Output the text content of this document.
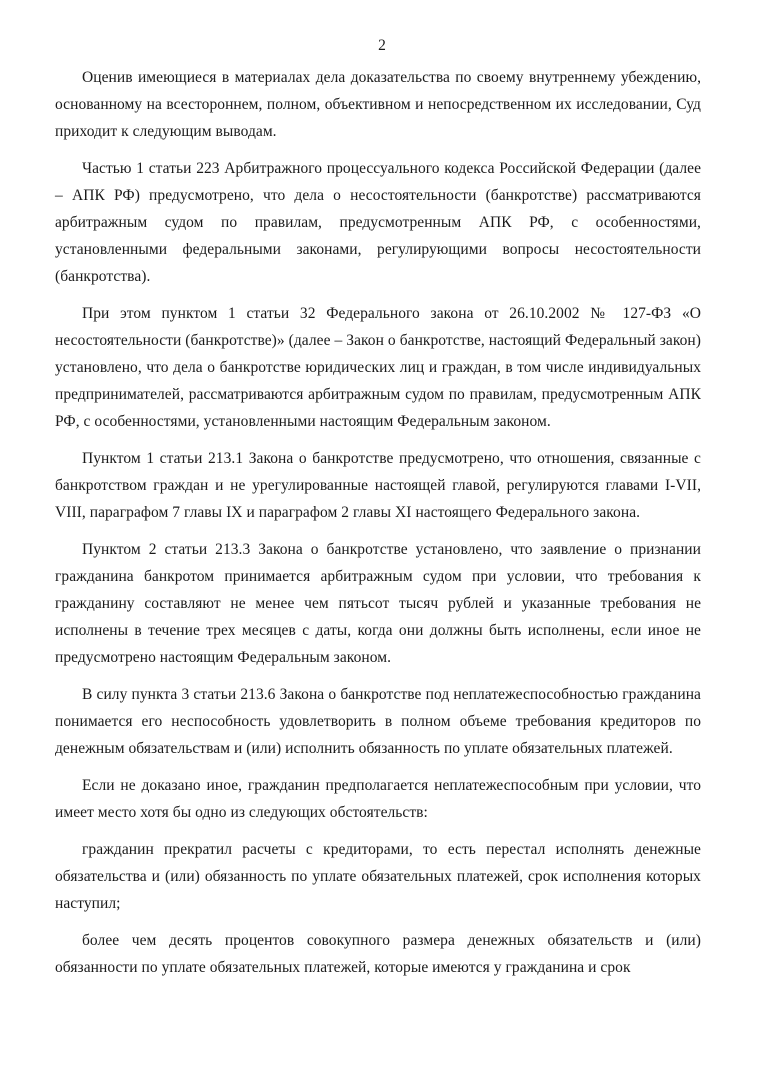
2

Оценив имеющиеся в материалах дела доказательства по своему внутреннему убеждению, основанному на всестороннем, полном, объективном и непосредственном их исследовании, Суд приходит к следующим выводам.

Частью 1 статьи 223 Арбитражного процессуального кодекса Российской Федерации (далее – АПК РФ) предусмотрено, что дела о несостоятельности (банкротстве) рассматриваются арбитражным судом по правилам, предусмотренным АПК РФ, с особенностями, установленными федеральными законами, регулирующими вопросы несостоятельности (банкротства).

При этом пунктом 1 статьи 32 Федерального закона от 26.10.2002 № 127-ФЗ «О несостоятельности (банкротстве)» (далее – Закон о банкротстве, настоящий Федеральный закон) установлено, что дела о банкротстве юридических лиц и граждан, в том числе индивидуальных предпринимателей, рассматриваются арбитражным судом по правилам, предусмотренным АПК РФ, с особенностями, установленными настоящим Федеральным законом.

Пунктом 1 статьи 213.1 Закона о банкротстве предусмотрено, что отношения, связанные с банкротством граждан и не урегулированные настоящей главой, регулируются главами I-VII, VIII, параграфом 7 главы IX и параграфом 2 главы XI настоящего Федерального закона.

Пунктом 2 статьи 213.3 Закона о банкротстве установлено, что заявление о признании гражданина банкротом принимается арбитражным судом при условии, что требования к гражданину составляют не менее чем пятьсот тысяч рублей и указанные требования не исполнены в течение трех месяцев с даты, когда они должны быть исполнены, если иное не предусмотрено настоящим Федеральным законом.

В силу пункта 3 статьи 213.6 Закона о банкротстве под неплатежеспособностью гражданина понимается его неспособность удовлетворить в полном объеме требования кредиторов по денежным обязательствам и (или) исполнить обязанность по уплате обязательных платежей.

Если не доказано иное, гражданин предполагается неплатежеспособным при условии, что имеет место хотя бы одно из следующих обстоятельств:

гражданин прекратил расчеты с кредиторами, то есть перестал исполнять денежные обязательства и (или) обязанность по уплате обязательных платежей, срок исполнения которых наступил;

более чем десять процентов совокупного размера денежных обязательств и (или) обязанности по уплате обязательных платежей, которые имеются у гражданина и срок
